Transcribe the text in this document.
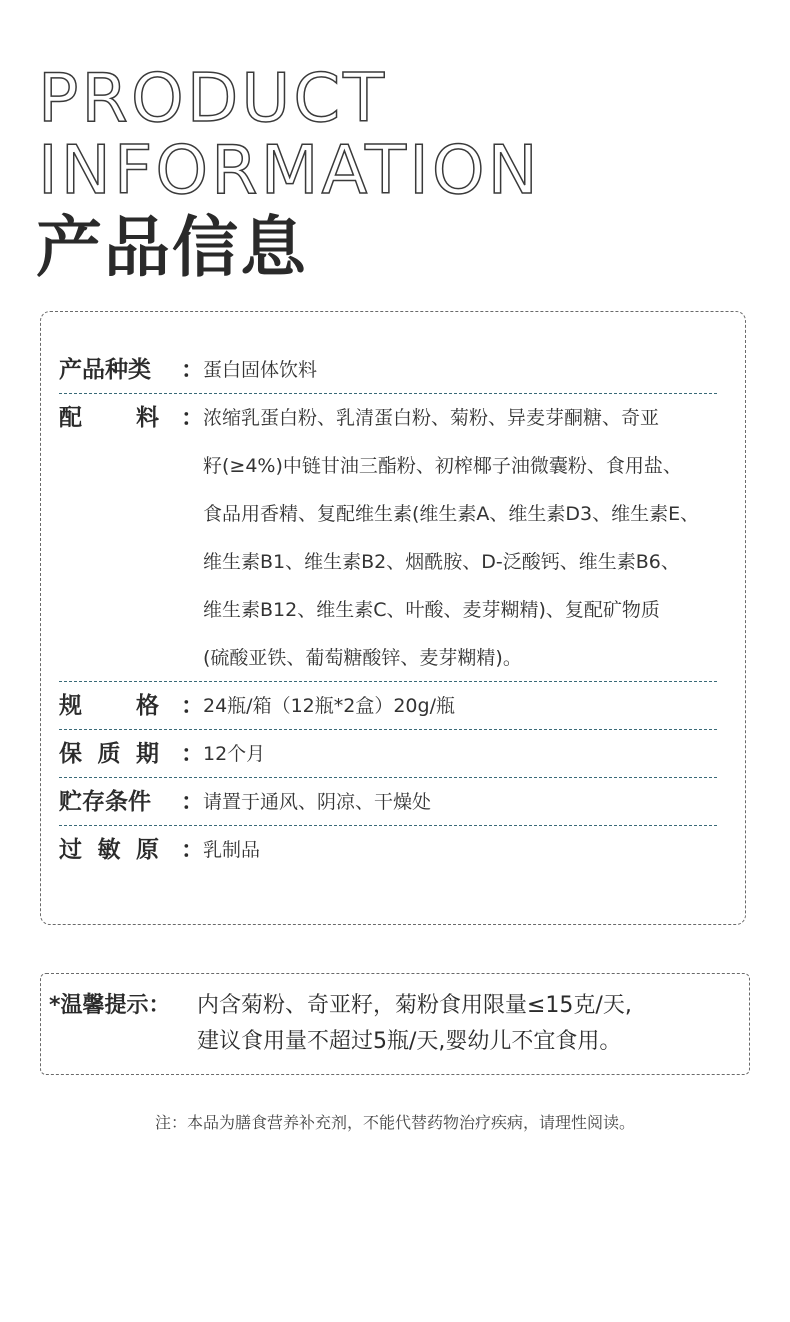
PRODUCT
INFORMATION
产品信息
产品种类	： 蛋白固体饮料
配 料 ： 浓缩乳蛋白粉、乳清蛋白粉、菊粉、异麦芽酮糖、奇亚
籽(≥4%)中链甘油三酯粉、初榨椰子油微囊粉、食用盐、
食品用香精、复配维生素(维生素A、维生素D3、维生素E、
维生素B1、维生素B2、烟酰胺、D-泛酸钙、维生素B6、
维生素B12、维生素C、叶酸、麦芽糊精)、复配矿物质
(硫酸亚铁、葡萄糖酸锌、麦芽糊精)。
规 格 ： 24瓶/箱（12瓶*2盒）20g/瓶
保 质 期 ： 12个月
贮存条件	： 请置于通风、阴凉、干燥处
过 敏 原 ： 乳制品
*温馨提示： 内含菊粉、奇亚籽，菊粉食用限量≤15克/天,
建议食用量不超过5瓶/天,婴幼儿不宜食用。
注：本品为膳食营养补充剂，不能代替药物治疗疾病，请理性阅读。
